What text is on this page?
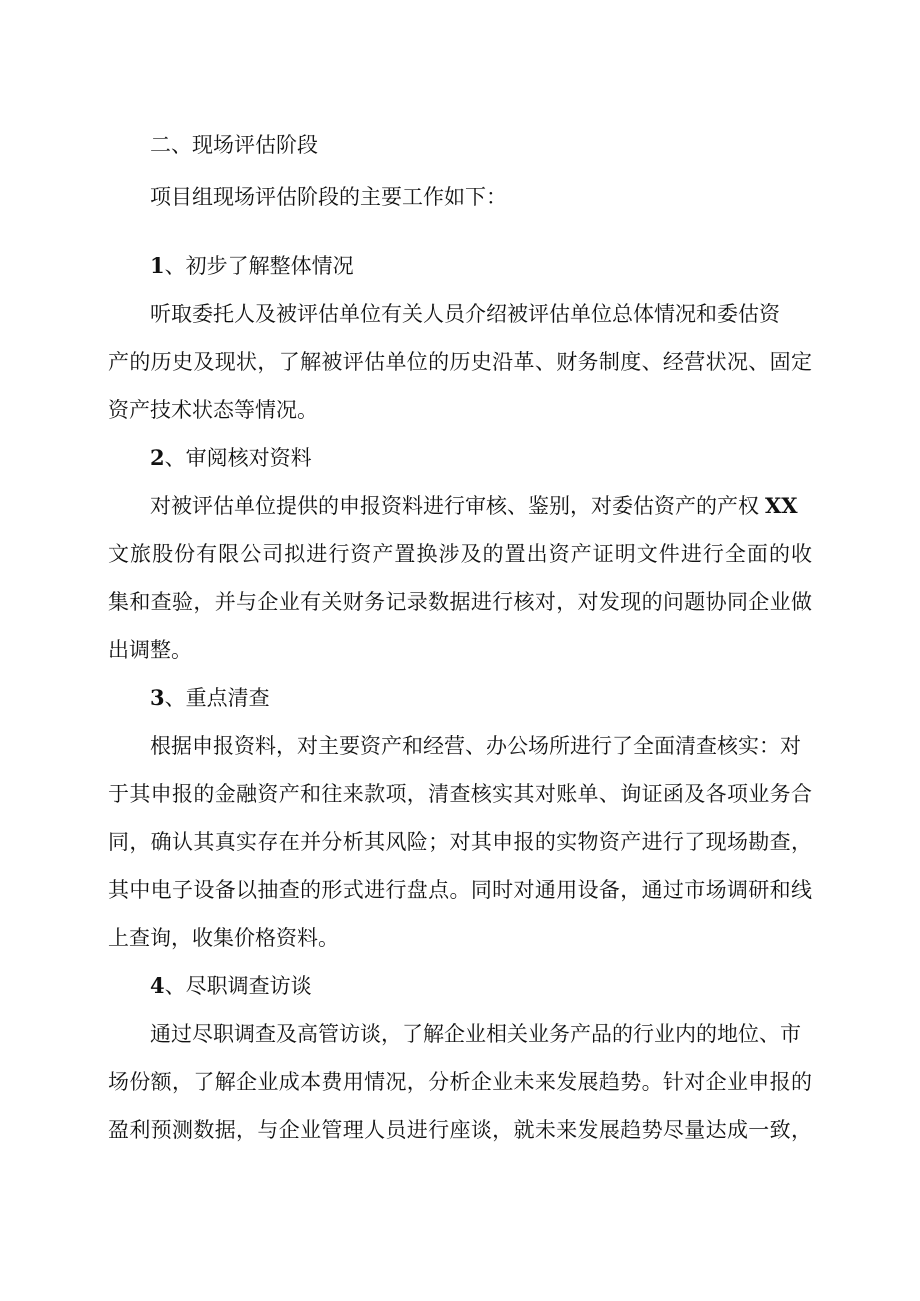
二、现场评估阶段
项目组现场评估阶段的主要工作如下：
1、初步了解整体情况
听取委托人及被评估单位有关人员介绍被评估单位总体情况和委估资
产的历史及现状，了解被评估单位的历史沿革、财务制度、经营状况、固定
资产技术状态等情况。
2、审阅核对资料
对被评估单位提供的申报资料进行审核、鉴别，对委估资产的产权 XX
文旅股份有限公司拟进行资产置换涉及的置出资产证明文件进行全面的收
集和查验，并与企业有关财务记录数据进行核对，对发现的问题协同企业做
出调整。
3、重点清查
根据申报资料，对主要资产和经营、办公场所进行了全面清查核实：对
于其申报的金融资产和往来款项，清查核实其对账单、询证函及各项业务合
同，确认其真实存在并分析其风险；对其申报的实物资产进行了现场勘查，
其中电子设备以抽查的形式进行盘点。同时对通用设备，通过市场调研和线
上查询，收集价格资料。
4、尽职调查访谈
通过尽职调查及高管访谈，了解企业相关业务产品的行业内的地位、市
场份额，了解企业成本费用情况，分析企业未来发展趋势。针对企业申报的
盈利预测数据，与企业管理人员进行座谈，就未来发展趋势尽量达成一致，
